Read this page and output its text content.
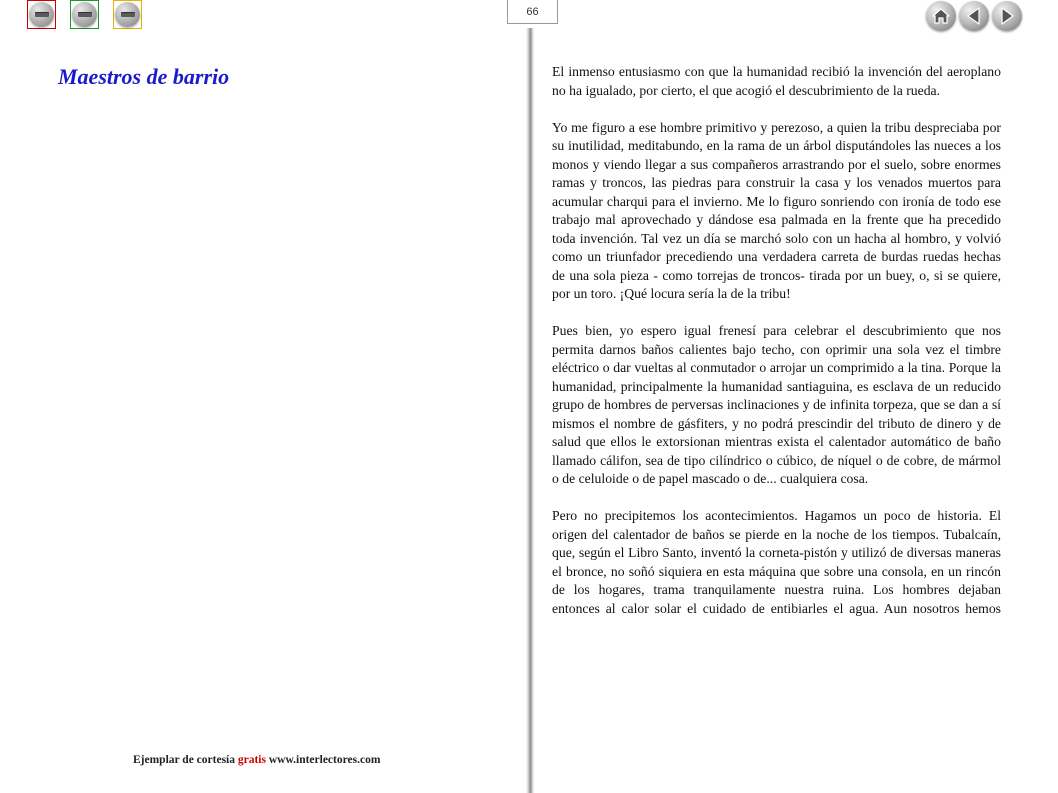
66
Maestros de barrio
Ejemplar de cortesía gratis www.interlectores.com

El inmenso entusiasmo con que la humanidad recibió la invención del aeroplano no ha igualado, por cierto, el que acogió el descubrimiento de la rueda.

Yo me figuro a ese hombre primitivo y perezoso, a quien la tribu despreciaba por su inutilidad, meditabundo, en la rama de un árbol disputándoles las nueces a los monos y viendo llegar a sus compañeros arrastrando por el suelo, sobre enormes ramas y troncos, las piedras para construir la casa y los venados muertos para acumular charqui para el invierno. Me lo figuro sonriendo con ironía de todo ese trabajo mal aprovechado y dándose esa palmada en la frente que ha precedido toda invención. Tal vez un día se marchó solo con un hacha al hombro, y volvió como un triunfador precediendo una verdadera carreta de burdas ruedas hechas de una sola pieza - como torrejas de troncos- tirada por un buey, o, si se quiere, por un toro. ¡Qué locura sería la de la tribu!

Pues bien, yo espero igual frenesí para celebrar el descubrimiento que nos permita darnos baños calientes bajo techo, con oprimir una sola vez el timbre eléctrico o dar vueltas al conmutador o arrojar un comprimido a la tina. Porque la humanidad, principalmente la humanidad santiaguina, es esclava de un reducido grupo de hombres de perversas inclinaciones y de infinita torpeza, que se dan a sí mismos el nombre de gásfiters, y no podrá prescindir del tributo de dinero y de salud que ellos le extorsionan mientras exista el calentador automático de baño llamado cálifon, sea de tipo cilíndrico o cúbico, de níquel o de cobre, de mármol o de celuloide o de papel mascado o de... cualquiera cosa.

Pero no precipitemos los acontecimientos. Hagamos un poco de historia. El origen del calentador de baños se pierde en la noche de los tiempos. Tubalcaín, que, según el Libro Santo, inventó la corneta-pistón y utilizó de diversas maneras el bronce, no soñó siquiera en esta máquina que sobre una consola, en un rincón de los hogares, trama tranquilamente nuestra ruina. Los hombres dejaban entonces al calor solar el cuidado de entibiarles el agua. Aun nosotros hemos
